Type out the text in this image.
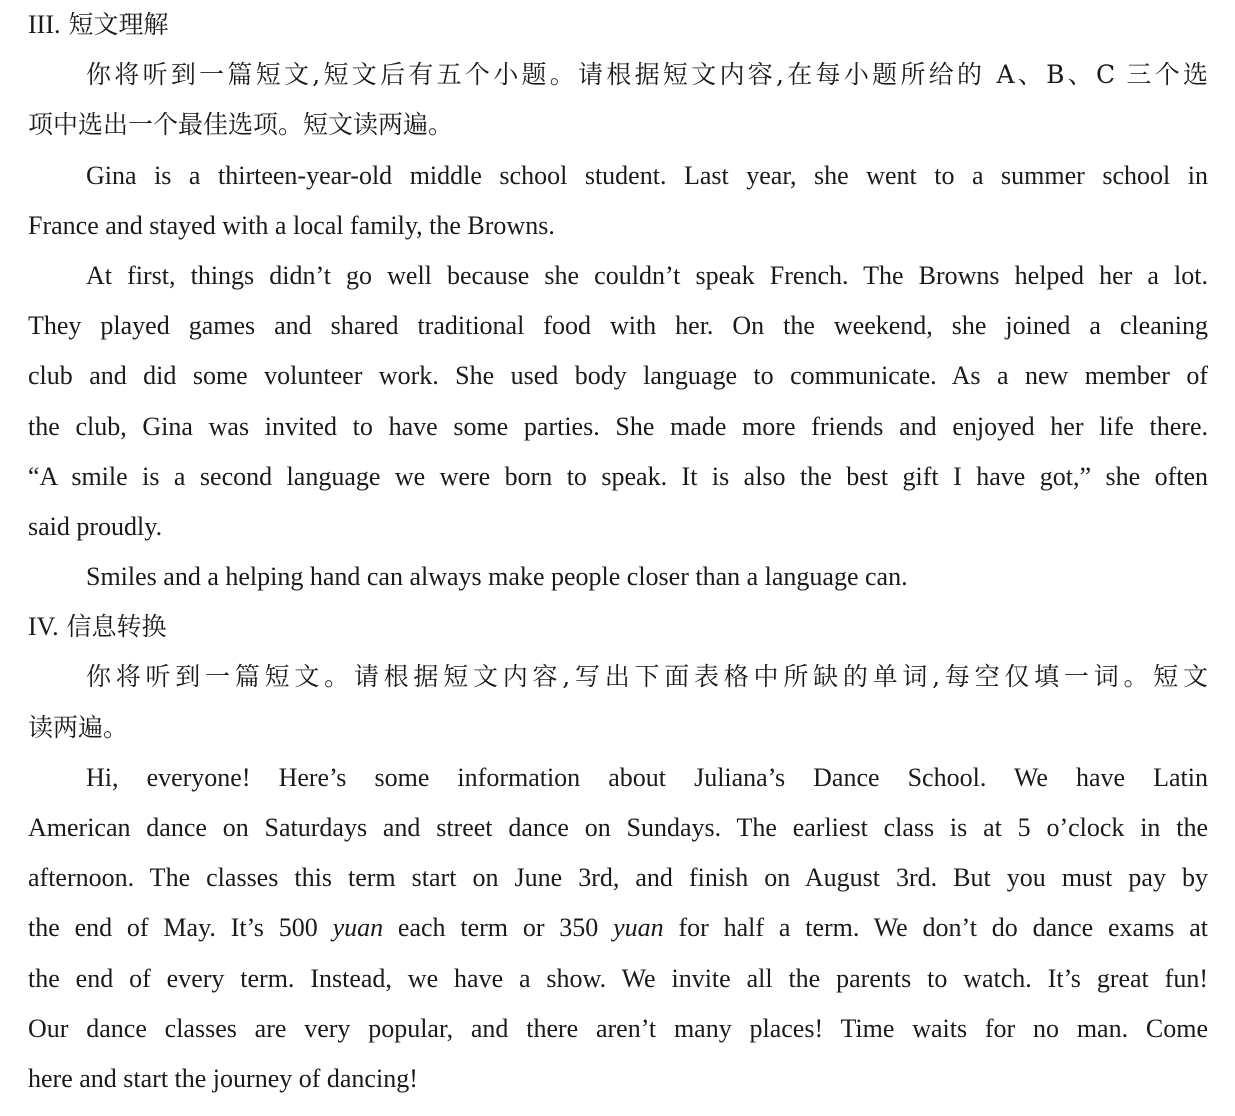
III. 短文理解
你将听到一篇短文,短文后有五个小题。请根据短文内容,在每小题所给的 A、B、C 三个选
项中选出一个最佳选项。短文读两遍。
Gina is a thirteen-year-old middle school student. Last year, she went to a summer school in
France and stayed with a local family, the Browns.
At first, things didn’t go well because she couldn’t speak French. The Browns helped her a lot.
They played games and shared traditional food with her. On the weekend, she joined a cleaning
club and did some volunteer work. She used body language to communicate. As a new member of
the club, Gina was invited to have some parties. She made more friends and enjoyed her life there.
“A smile is a second language we were born to speak. It is also the best gift I have got,” she often
said proudly.
Smiles and a helping hand can always make people closer than a language can.
IV. 信息转换
你将听到一篇短文。请根据短文内容,写出下面表格中所缺的单词,每空仅填一词。短文
读两遍。
Hi, everyone! Here’s some information about Juliana’s Dance School. We have Latin
American dance on Saturdays and street dance on Sundays. The earliest class is at 5 o’clock in the
afternoon. The classes this term start on June 3rd, and finish on August 3rd. But you must pay by
the end of May. It’s 500 yuan each term or 350 yuan for half a term. We don’t do dance exams at
the end of every term. Instead, we have a show. We invite all the parents to watch. It’s great fun!
Our dance classes are very popular, and there aren’t many places! Time waits for no man. Come
here and start the journey of dancing!
